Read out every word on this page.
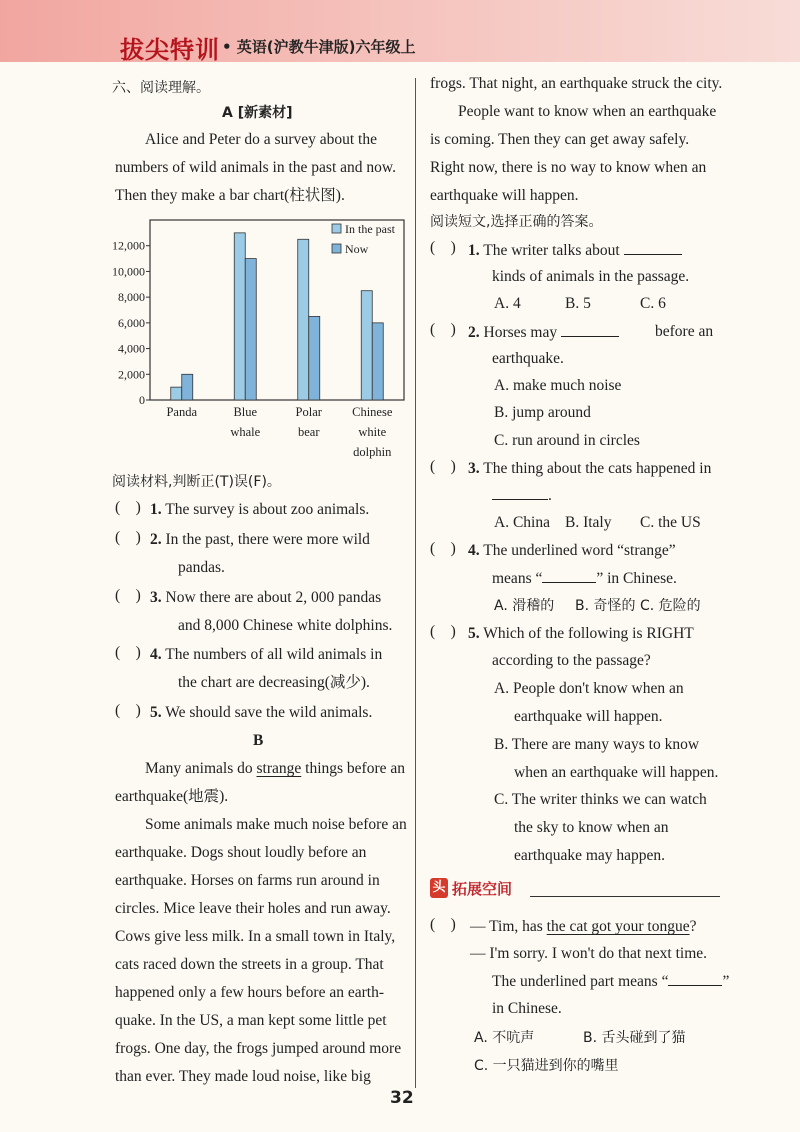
拔尖特训 • 英语(沪教牛津版)六年级上
六、阅读理解。
A [新素材]
Alice and Peter do a survey about the
numbers of wild animals in the past and now.
Then they make a bar chart(柱状图).
0
2,000
4,000
6,000
8,000
10,000
12,000
Panda	Blue
whale
Polar
bear
Chinese
white
dolphin
In the past
Now
阅读材料,判断正(T)误(F)。
(    ) 1. The survey is about zoo animals.
(    ) 2. In the past, there were more wild
pandas.
(    ) 3. Now there are about 2, 000 pandas
and 8,000 Chinese white dolphins.
(    ) 4. The numbers of all wild animals in
the chart are decreasing(减少).
(    ) 5. We should save the wild animals.
B
Many animals do strange things before an
earthquake(地震).
Some animals make much noise before an
earthquake. Dogs shout loudly before an
earthquake. Horses on farms run around in
circles. Mice leave their holes and run away.
Cows give less milk. In a small town in Italy,
cats raced down the streets in a group. That
happened only a few hours before an earth-
quake. In the US, a man kept some little pet
frogs. One day, the frogs jumped around more
than ever. They made loud noise, like big
frogs. That night, an earthquake struck the city.
People want to know when an earthquake
is coming. Then they can get away safely.
Right now, there is no way to know when an
earthquake will happen.
阅读短文,选择正确的答案。
(    ) 1. The writer talks about
kinds of animals in the passage.
A. 4	B. 5	C. 6
(    ) 2. Horses may	before an
earthquake.
A. make much noise
B. jump around
C. run around in circles
(    ) 3. The thing about the cats happened in
.
A. China B. Italy C. the US
(    ) 4. The underlined word “strange”
means “	” in Chinese.
A. 滑稽的 B. 奇怪的 C. 危险的
(    ) 5. Which of the following is RIGHT
according to the passage?
A. People don't know when an
earthquake will happen.
B. There are many ways to know
when an earthquake will happen.
C. The writer thinks we can watch
the sky to know when an
earthquake may happen.
头 拓展空间
(    ) — Tim, has the cat got your tongue?
— I'm sorry. I won't do that next time.
The underlined part means “	”
in Chinese.
A. 不吭声	B. 舌头碰到了猫
C. 一只猫进到你的嘴里
32
